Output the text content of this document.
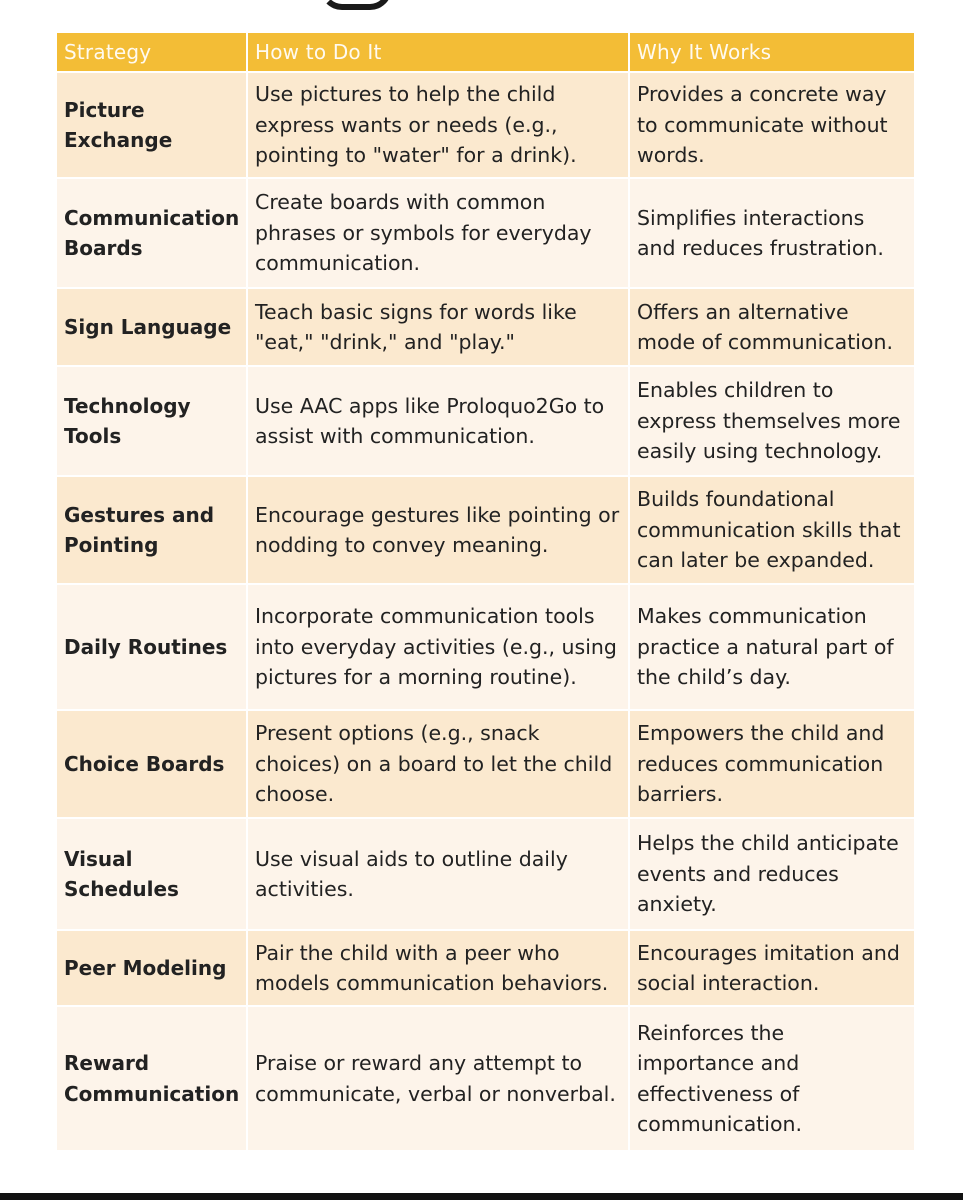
Strategy	How to Do It	Why It Works
Picture Exchange	Use pictures to help the child express wants or needs (e.g., pointing to "water" for a drink).	Provides a concrete way to communicate without words.
Communication Boards	Create boards with common phrases or symbols for everyday communication.	Simplifies interactions and reduces frustration.
Sign Language	Teach basic signs for words like "eat," "drink," and "play."	Offers an alternative mode of communication.
Technology Tools	Use AAC apps like Proloquo2Go to assist with communication.	Enables children to express themselves more easily using technology.
Gestures and Pointing	Encourage gestures like pointing or nodding to convey meaning.	Builds foundational communication skills that can later be expanded.
Daily Routines	Incorporate communication tools into everyday activities (e.g., using pictures for a morning routine).	Makes communication practice a natural part of the child’s day.
Choice Boards	Present options (e.g., snack choices) on a board to let the child choose.	Empowers the child and reduces communication barriers.
Visual Schedules	Use visual aids to outline daily activities.	Helps the child anticipate events and reduces anxiety.
Peer Modeling	Pair the child with a peer who models communication behaviors.	Encourages imitation and social interaction.
Reward Communication	Praise or reward any attempt to communicate, verbal or nonverbal.	Reinforces the importance and effectiveness of communication.
